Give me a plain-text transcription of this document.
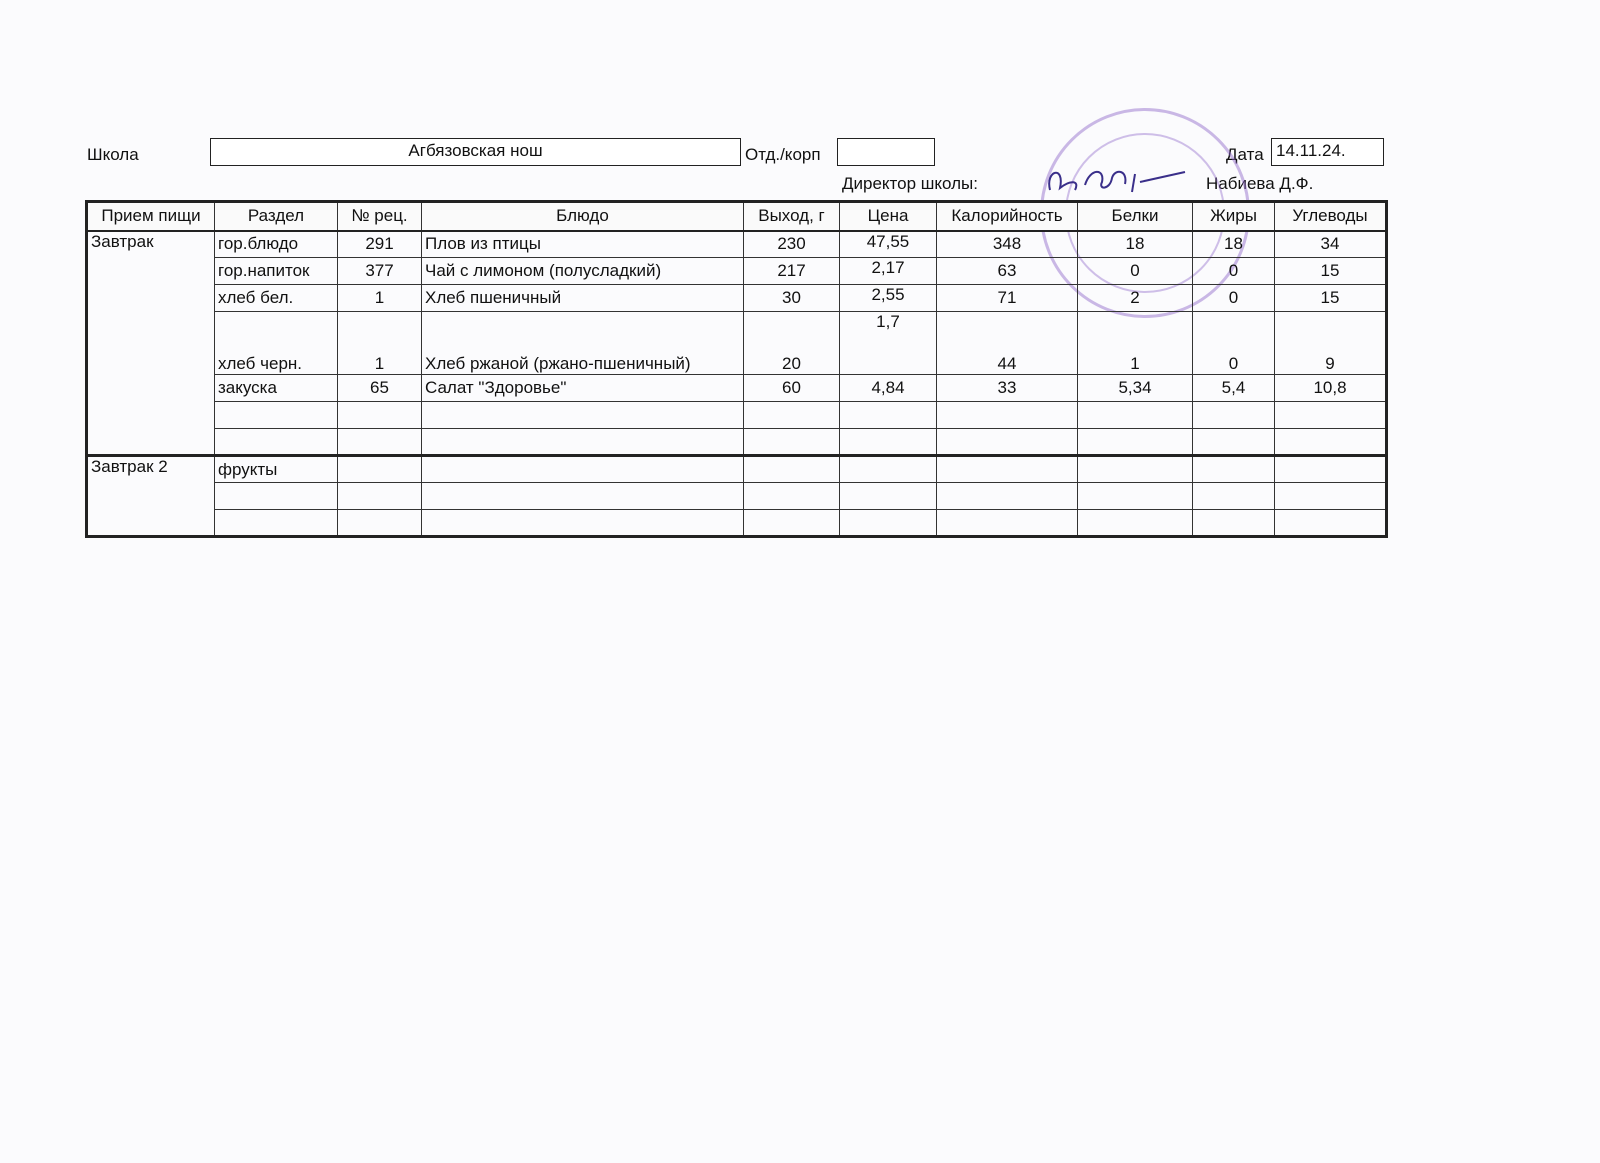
Школа	Агбязовская нош	Отд./корп	Дата 14.11.24.
Директор школы:	Набиева Д.Ф.
Прием пищи	Раздел	№ рец.	Блюдо	Выход, г	Цена	Калорийность	Белки	Жиры	Углеводы
Завтрак	гор.блюдо	291	Плов из птицы	230	47,55	348	18	18	34
	гор.напиток	377	Чай с лимоном (полусладкий)	217	2,17	63	0	0	15
	хлеб бел.	1	Хлеб пшеничный	30	2,55	71	2	0	15
	хлеб черн.	1	Хлеб ржаной (ржано-пшеничный)	20	1,7	44	1	0	9
	закуска	65	Салат "Здоровье"	60	4,84	33	5,34	5,4	10,8

Завтрак 2	фрукты								
